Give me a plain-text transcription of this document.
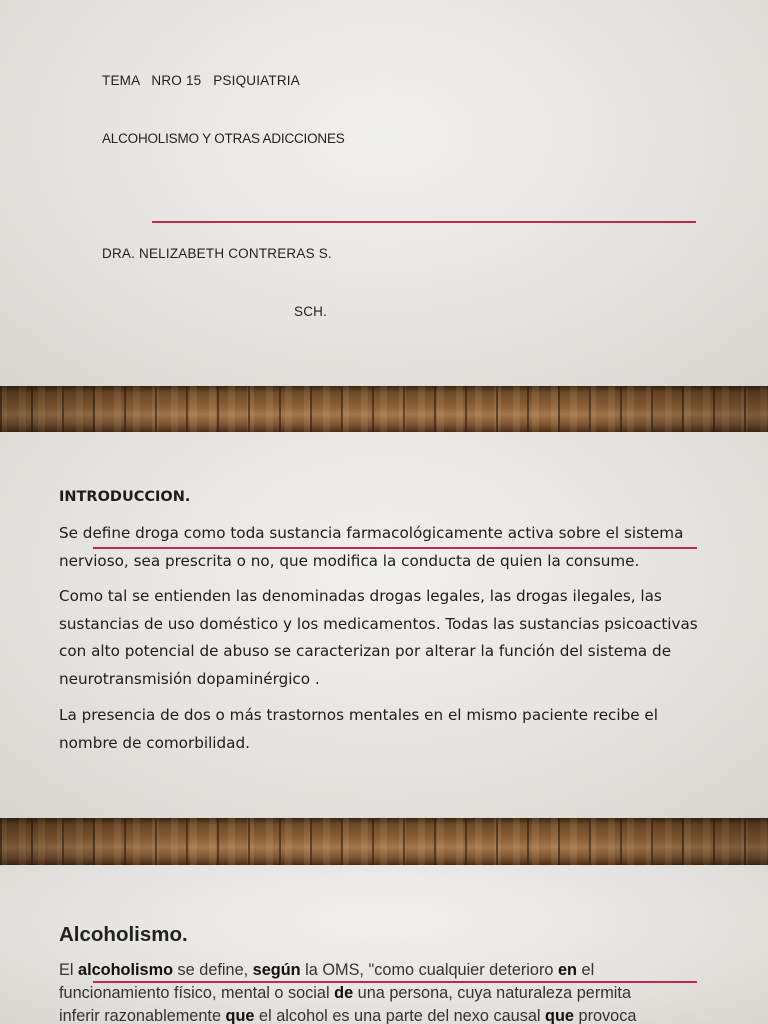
TEMA   NRO 15   PSIQUIATRIA
ALCOHOLISMO Y OTRAS ADICCIONES
DRA. NELIZABETH CONTRERAS S.
SCH.
INTRODUCCION.
Se define droga como toda sustancia farmacológicamente activa sobre el sistema
nervioso, sea prescrita o no, que modifica la conducta de quien la consume.
Como tal se entienden las denominadas drogas legales, las drogas ilegales, las
sustancias de uso doméstico y los medicamentos. Todas las sustancias psicoactivas
con alto potencial de abuso se caracterizan por alterar la función del sistema de
neurotransmisión dopaminérgico .
La presencia de dos o más trastornos mentales en el mismo paciente recibe el
nombre de comorbilidad.
Alcoholismo.
El alcoholismo se define, según la OMS, "como cualquier deterioro en el
funcionamiento físico, mental o social de una persona, cuya naturaleza permita
inferir razonablemente que el alcohol es una parte del nexo causal que provoca
